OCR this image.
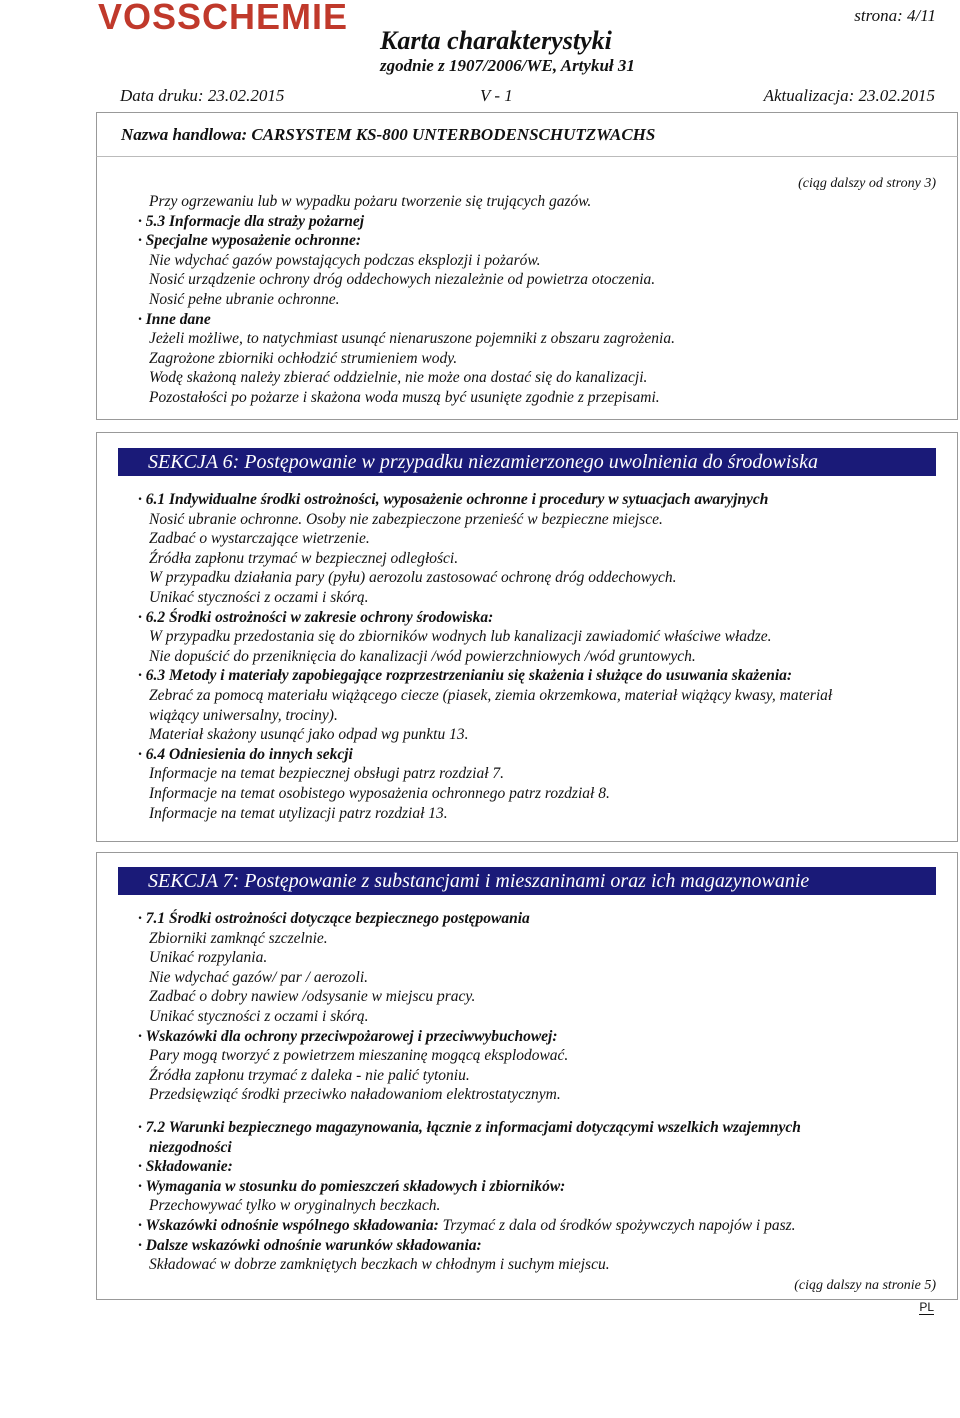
VOSSCHEMIE	strona: 4/11
Karta charakterystyki
zgodnie z 1907/2006/WE, Artykuł 31
Data druku: 23.02.2015	V - 1	Aktualizacja: 23.02.2015
Nazwa handlowa: CARSYSTEM KS-800 UNTERBODENSCHUTZWACHS
(ciąg dalszy od strony 3)
Przy ogrzewaniu lub w wypadku pożaru tworzenie się trujących gazów.
· 5.3 Informacje dla straży pożarnej
· Specjalne wyposażenie ochronne:
Nie wdychać gazów powstających podczas eksplozji i pożarów.
Nosić urządzenie ochrony dróg oddechowych niezależnie od powietrza otoczenia.
Nosić pełne ubranie ochronne.
· Inne dane
Jeżeli możliwe, to natychmiast usunąć nienaruszone pojemniki z obszaru zagrożenia.
Zagrożone zbiorniki ochłodzić strumieniem wody.
Wodę skażoną należy zbierać oddzielnie, nie może ona dostać się do kanalizacji.
Pozostałości po pożarze i skażona woda muszą być usunięte zgodnie z przepisami.
SEKCJA 6: Postępowanie w przypadku niezamierzonego uwolnienia do środowiska
· 6.1 Indywidualne środki ostrożności, wyposażenie ochronne i procedury w sytuacjach awaryjnych
Nosić ubranie ochronne. Osoby nie zabezpieczone przenieść w bezpieczne miejsce.
Zadbać o wystarczające wietrzenie.
Źródła zapłonu trzymać w bezpiecznej odległości.
W przypadku działania pary (pyłu) aerozolu zastosować ochronę dróg oddechowych.
Unikać styczności z oczami i skórą.
· 6.2 Środki ostrożności w zakresie ochrony środowiska:
W przypadku przedostania się do zbiorników wodnych lub kanalizacji zawiadomić właściwe władze.
Nie dopuścić do przeniknięcia do kanalizacji /wód powierzchniowych /wód gruntowych.
· 6.3 Metody i materiały zapobiegające rozprzestrzenianiu się skażenia i służące do usuwania skażenia:
Zebrać za pomocą materiału wiążącego ciecze (piasek, ziemia okrzemkowa, materiał wiążący kwasy, materiał
wiążący uniwersalny, trociny).
Materiał skażony usunąć jako odpad wg punktu 13.
· 6.4 Odniesienia do innych sekcji
Informacje na temat bezpiecznej obsługi patrz rozdział 7.
Informacje na temat osobistego wyposażenia ochronnego patrz rozdział 8.
Informacje na temat utylizacji patrz rozdział 13.
SEKCJA 7: Postępowanie z substancjami i mieszaninami oraz ich magazynowanie
· 7.1 Środki ostrożności dotyczące bezpiecznego postępowania
Zbiorniki zamknąć szczelnie.
Unikać rozpylania.
Nie wdychać gazów/ par / aerozoli.
Zadbać o dobry nawiew /odsysanie w miejscu pracy.
Unikać styczności z oczami i skórą.
· Wskazówki dla ochrony przeciwpożarowej i przeciwwybuchowej:
Pary mogą tworzyć z powietrzem mieszaninę mogącą eksplodować.
Źródła zapłonu trzymać z daleka - nie palić tytoniu.
Przedsięwziąć środki przeciwko naładowaniom elektrostatycznym.
· 7.2 Warunki bezpiecznego magazynowania, łącznie z informacjami dotyczącymi wszelkich wzajemnych
niezgodności
· Składowanie:
· Wymagania w stosunku do pomieszczeń składowych i zbiorników:
Przechowywać tylko w oryginalnych beczkach.
· Wskazówki odnośnie wspólnego składowania: Trzymać z dala od środków spożywczych napojów i pasz.
· Dalsze wskazówki odnośnie warunków składowania:
Składować w dobrze zamkniętych beczkach w chłodnym i suchym miejscu.
(ciąg dalszy na stronie 5)
PL
